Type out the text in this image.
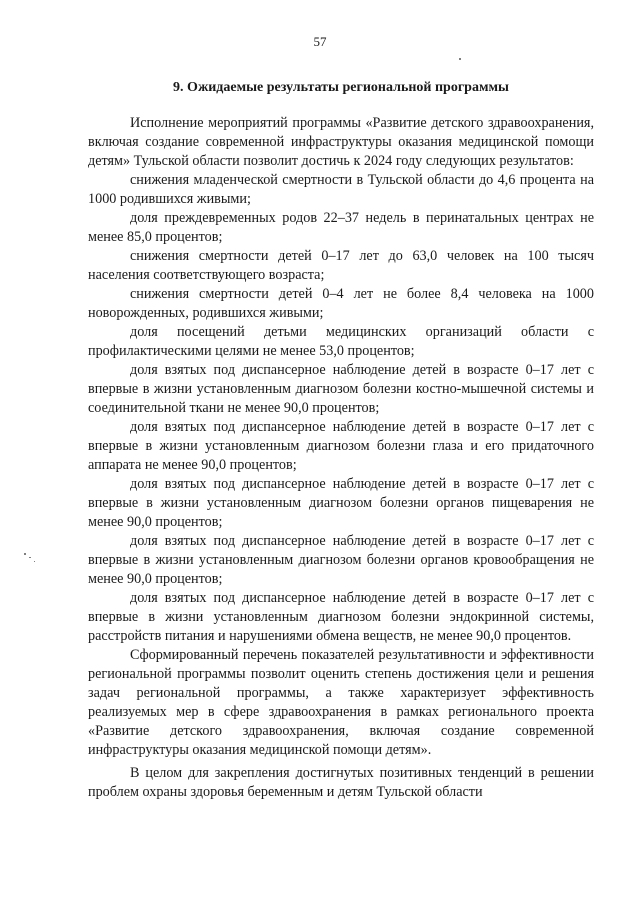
57
9. Ожидаемые результаты региональной программы

Исполнение мероприятий программы «Развитие детского здравоохранения, включая создание современной инфраструктуры оказания медицинской помощи детям» Тульской области позволит достичь к 2024 году следующих результатов:

снижения младенческой смертности в Тульской области до 4,6 процента на 1000 родившихся живыми;

доля преждевременных родов 22–37 недель в перинатальных центрах не менее 85,0 процентов;

снижения смертности детей 0–17 лет до 63,0 человек на 100 тысяч населения соответствующего возраста;

снижения смертности детей 0–4 лет не более 8,4 человека на 1000 новорожденных, родившихся живыми;

доля посещений детьми медицинских организаций области с профилактическими целями не менее 53,0 процентов;

доля взятых под диспансерное наблюдение детей в возрасте 0–17 лет с впервые в жизни установленным диагнозом болезни костно-мышечной системы и соединительной ткани не менее 90,0 процентов;

доля взятых под диспансерное наблюдение детей в возрасте 0–17 лет с впервые в жизни установленным диагнозом болезни глаза и его придаточного аппарата не менее 90,0 процентов;

доля взятых под диспансерное наблюдение детей в возрасте 0–17 лет с впервые в жизни установленным диагнозом болезни органов пищеварения не менее 90,0 процентов;

доля взятых под диспансерное наблюдение детей в возрасте 0–17 лет с впервые в жизни установленным диагнозом болезни органов кровообращения не менее 90,0 процентов;

доля взятых под диспансерное наблюдение детей в возрасте 0–17 лет с впервые в жизни установленным диагнозом болезни эндокринной системы, расстройств питания и нарушениями обмена веществ, не менее 90,0 процентов.

Сформированный перечень показателей результативности и эффективности региональной программы позволит оценить степень достижения цели и решения задач региональной программы, а также характеризует эффективность реализуемых мер в сфере здравоохранения в рамках регионального проекта «Развитие детского здравоохранения, включая создание современной инфраструктуры оказания медицинской помощи детям».

В целом для закрепления достигнутых позитивных тенденций в решении проблем охраны здоровья беременным и детям Тульской области
